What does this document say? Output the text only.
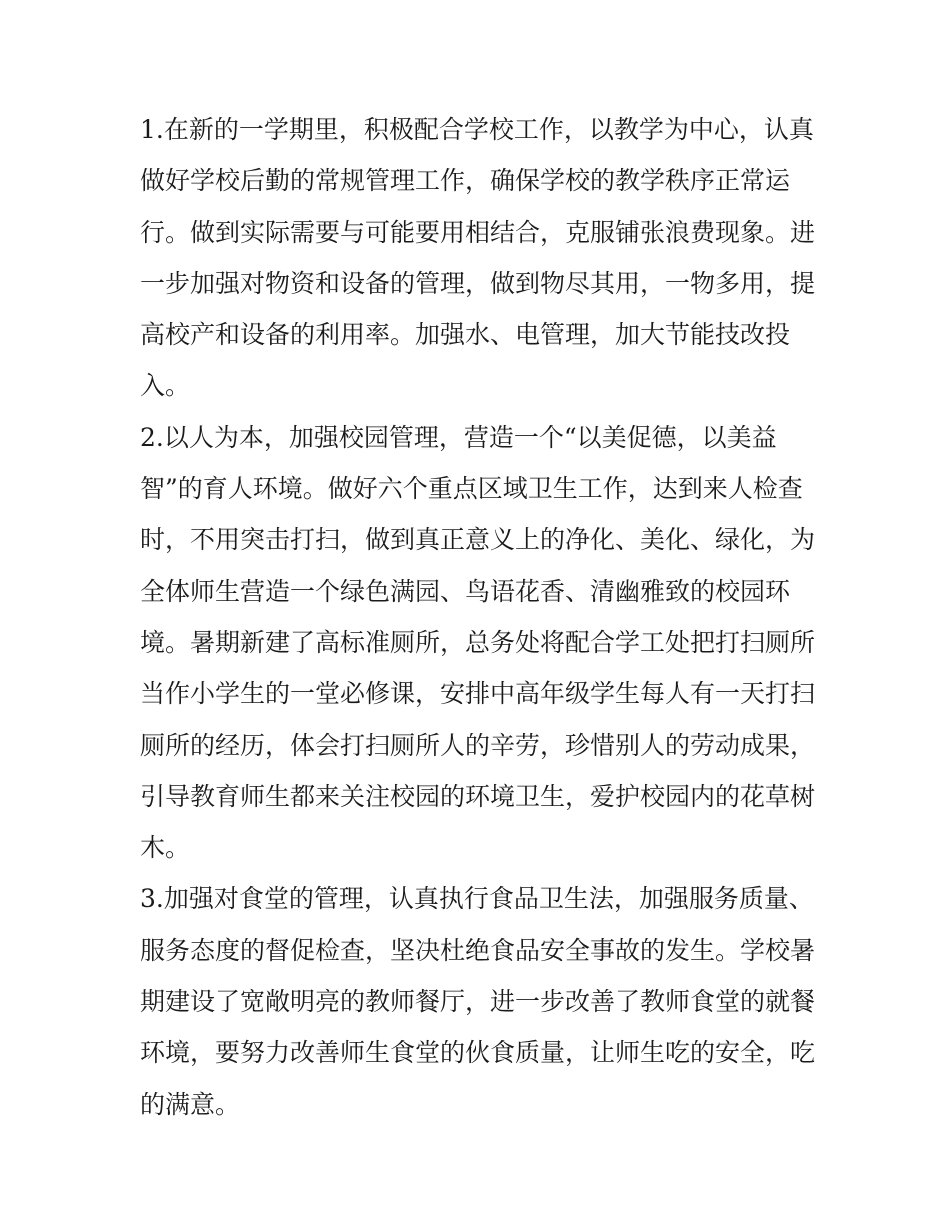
1.在新的一学期里，积极配合学校工作，以教学为中心，认真
做好学校后勤的常规管理工作，确保学校的教学秩序正常运
行。做到实际需要与可能要用相结合，克服铺张浪费现象。进
一步加强对物资和设备的管理，做到物尽其用，一物多用，提
高校产和设备的利用率。加强水、电管理，加大节能技改投
入。
2.以人为本，加强校园管理，营造一个“以美促德，以美益
智”的育人环境。做好六个重点区域卫生工作，达到来人检查
时，不用突击打扫，做到真正意义上的净化、美化、绿化，为
全体师生营造一个绿色满园、鸟语花香、清幽雅致的校园环
境。暑期新建了高标准厕所，总务处将配合学工处把打扫厕所
当作小学生的一堂必修课，安排中高年级学生每人有一天打扫
厕所的经历，体会打扫厕所人的辛劳，珍惜别人的劳动成果，
引导教育师生都来关注校园的环境卫生，爱护校园内的花草树
木。
3.加强对食堂的管理，认真执行食品卫生法，加强服务质量、
服务态度的督促检查，坚决杜绝食品安全事故的发生。学校暑
期建设了宽敞明亮的教师餐厅，进一步改善了教师食堂的就餐
环境，要努力改善师生食堂的伙食质量，让师生吃的安全，吃
的满意。
